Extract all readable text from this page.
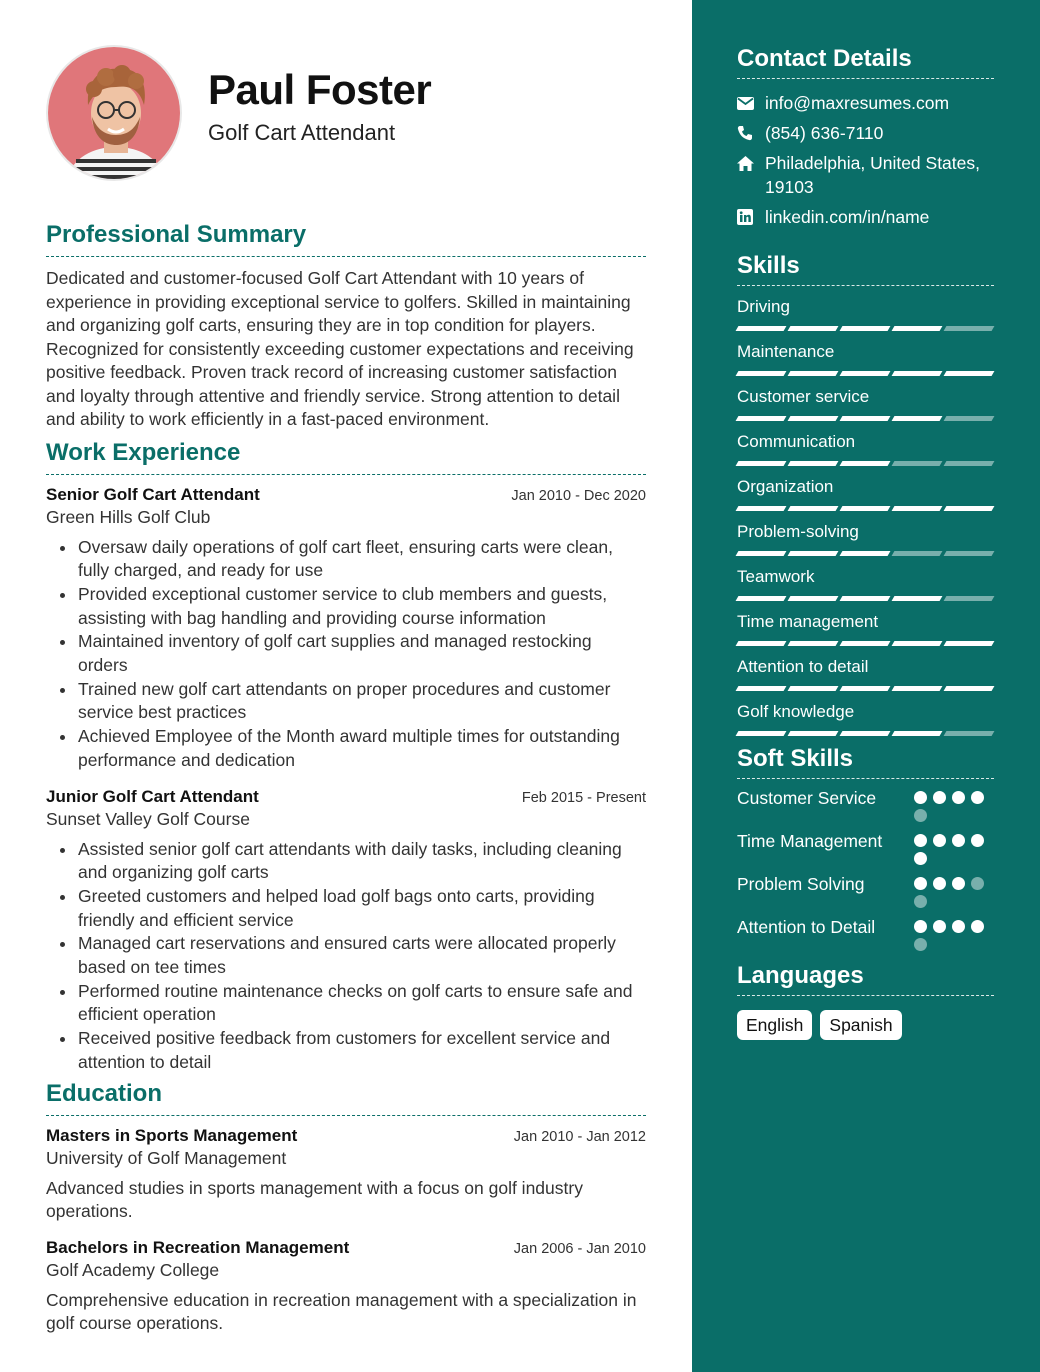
Paul Foster
Golf Cart Attendant
Professional Summary

Dedicated and customer-focused Golf Cart Attendant with 10 years of experience in providing exceptional service to golfers. Skilled in maintaining and organizing golf carts, ensuring they are in top condition for players. Recognized for consistently exceeding customer expectations and receiving positive feedback. Proven track record of increasing customer satisfaction and loyalty through attentive and friendly service. Strong attention to detail and ability to work efficiently in a fast-paced environment.

Work Experience
Senior Golf Cart Attendant	Jan 2010 - Dec 2020
Green Hills Golf Club
Oversaw daily operations of golf cart fleet, ensuring carts were clean, fully charged, and ready for use
Provided exceptional customer service to club members and guests, assisting with bag handling and providing course information
Maintained inventory of golf cart supplies and managed restocking orders
Trained new golf cart attendants on proper procedures and customer service best practices
Achieved Employee of the Month award multiple times for outstanding performance and dedication
Junior Golf Cart Attendant	Feb 2015 - Present
Sunset Valley Golf Course
Assisted senior golf cart attendants with daily tasks, including cleaning and organizing golf carts
Greeted customers and helped load golf bags onto carts, providing friendly and efficient service
Managed cart reservations and ensured carts were allocated properly based on tee times
Performed routine maintenance checks on golf carts to ensure safe and efficient operation
Received positive feedback from customers for excellent service and attention to detail
Education
Masters in Sports Management	Jan 2010 - Jan 2012
University of Golf Management

Advanced studies in sports management with a focus on golf industry operations.

Bachelors in Recreation Management	Jan 2006 - Jan 2010
Golf Academy College

Comprehensive education in recreation management with a specialization in golf course operations.

Contact Details
info@maxresumes.com
(854) 636-7110
Philadelphia, United States, 19103
linkedin.com/in/name
Skills
Driving
Maintenance
Customer service
Communication
Organization
Problem-solving
Teamwork
Time management
Attention to detail
Golf knowledge
Soft Skills
Customer Service
Time Management
Problem Solving
Attention to Detail
Languages
English	Spanish
